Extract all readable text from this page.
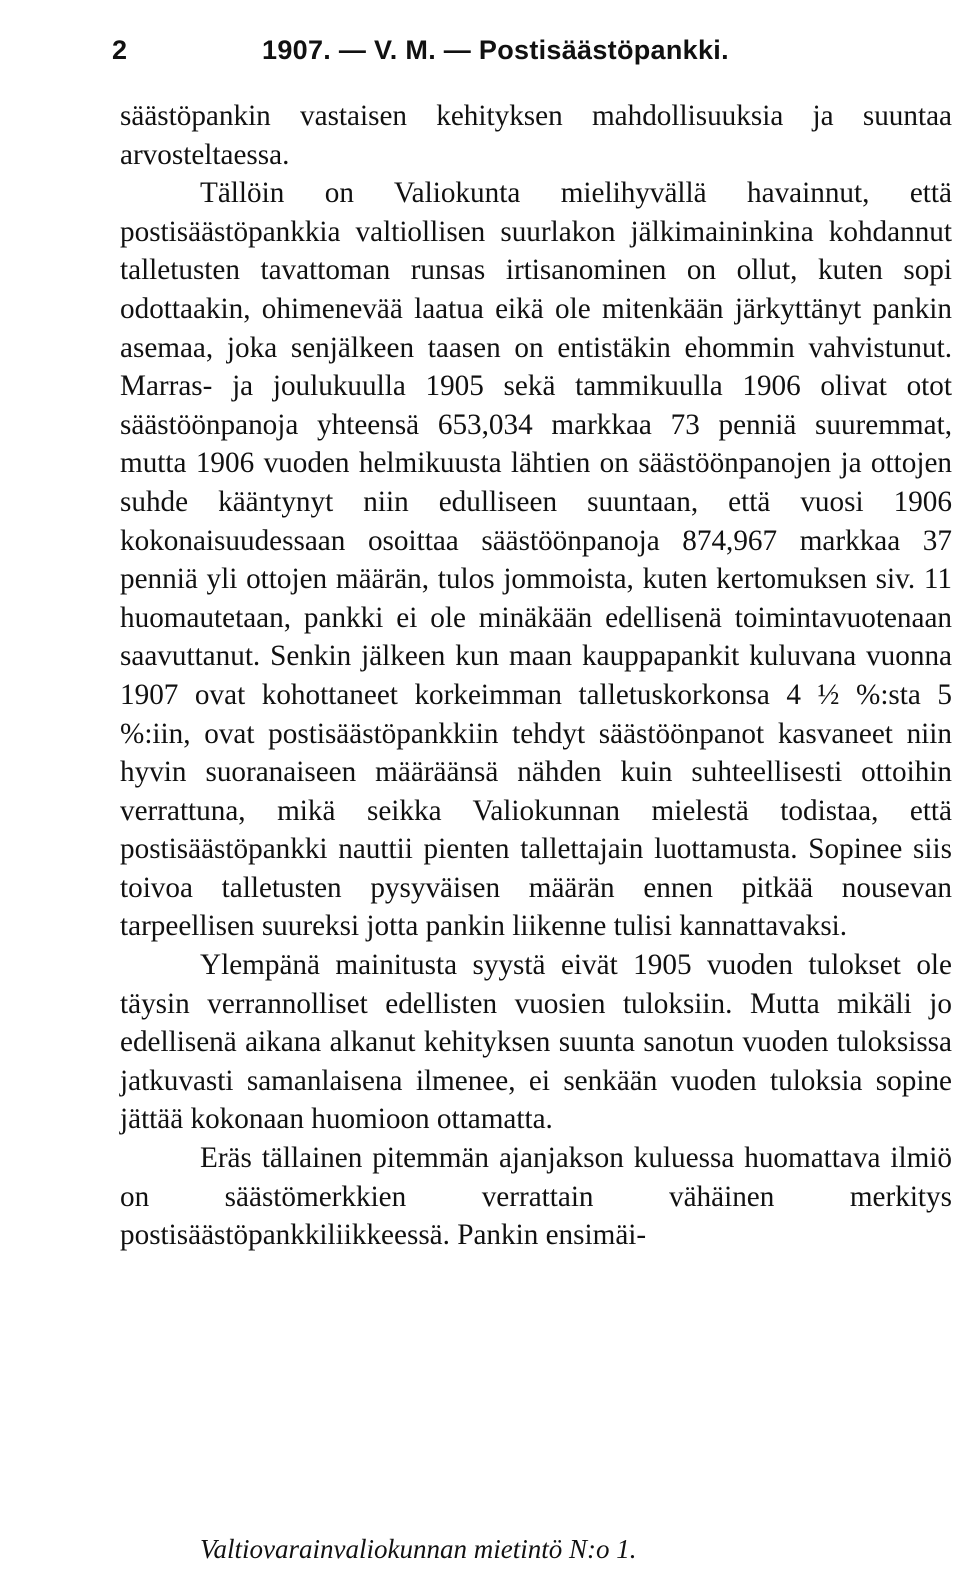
2	1907. — V. M. — Postisäästöpankki.

säästöpankin vastaisen kehityksen mahdollisuuksia ja suuntaa arvosteltaessa.

Tällöin on Valiokunta mielihyvällä havainnut, että postisäästöpankkia valtiollisen suurlakon jälkimaininkina kohdannut talletusten tavattoman runsas irtisanominen on ollut, kuten sopi odottaakin, ohimenevää laatua eikä ole mitenkään järkyttänyt pankin asemaa, joka senjälkeen taasen on entistäkin ehommin vahvistunut. Marras- ja joulukuulla 1905 sekä tammikuulla 1906 olivat otot säästöönpanoja yhteensä 653,034 markkaa 73 penniä suuremmat, mutta 1906 vuoden helmikuusta lähtien on säästöönpanojen ja ottojen suhde kääntynyt niin edulliseen suuntaan, että vuosi 1906 kokonaisuudessaan osoittaa säästöönpanoja 874,967 markkaa 37 penniä yli ottojen määrän, tulos jommoista, kuten kertomuksen siv. 11 huomautetaan, pankki ei ole minäkään edellisenä toimintavuotenaan saavuttanut. Senkin jälkeen kun maan kauppapankit kuluvana vuonna 1907 ovat kohottaneet korkeimman talletuskorkonsa 4 ½ %:sta 5 %:iin, ovat postisäästöpankkiin tehdyt säästöönpanot kasvaneet niin hyvin suoranaiseen määräänsä nähden kuin suhteellisesti ottoihin verrattuna, mikä seikka Valiokunnan mielestä todistaa, että postisäästöpankki nauttii pienten tallettajain luottamusta. Sopinee siis toivoa talletusten pysyväisen määrän ennen pitkää nousevan tarpeellisen suureksi jotta pankin liikenne tulisi kannattavaksi.

Ylempänä mainitusta syystä eivät 1905 vuoden tulokset ole täysin verrannolliset edellisten vuosien tuloksiin. Mutta mikäli jo edellisenä aikana alkanut kehityksen suunta sanotun vuoden tuloksissa jatkuvasti samanlaisena ilmenee, ei senkään vuoden tuloksia sopine jättää kokonaan huomioon ottamatta.

Eräs tällainen pitemmän ajanjakson kuluessa huomattava ilmiö on säästömerkkien verrattain vähäinen merkitys postisäästöpankkiliikkeessä. Pankin ensimäi-

Valtiovarainvaliokunnan mietintö N:o 1.
